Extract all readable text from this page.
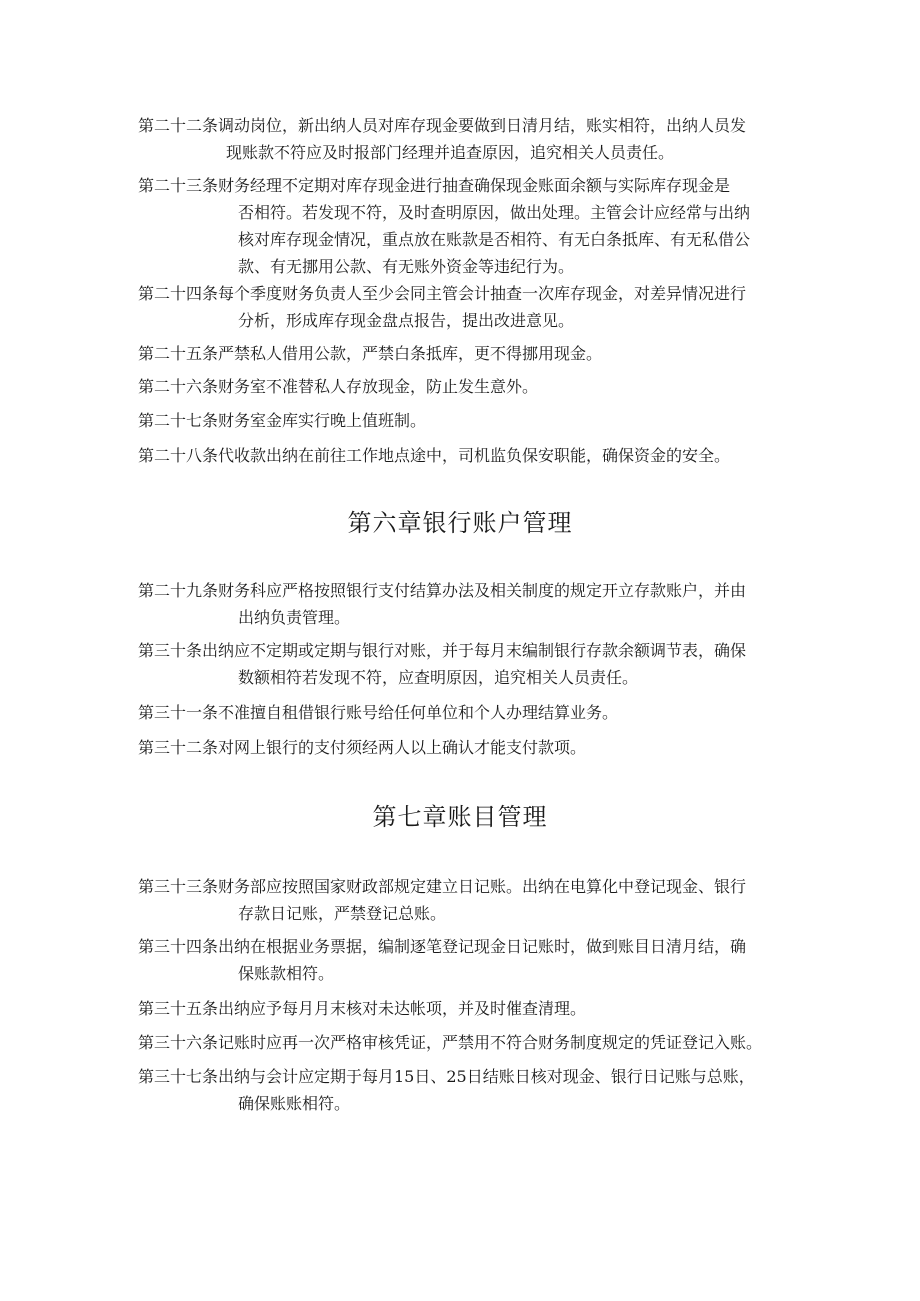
第二十二条调动岗位，新出纳人员对库存现金要做到日清月结，账实相符，出纳人员发
现账款不符应及时报部门经理并追查原因，追究相关人员责任。

第二十三条财务经理不定期对库存现金进行抽查确保现金账面余额与实际库存现金是
否相符。若发现不符，及时查明原因，做出处理。主管会计应经常与出纳
核对库存现金情况，重点放在账款是否相符、有无白条抵库、有无私借公
款、有无挪用公款、有无账外资金等违纪行为。

第二十四条每个季度财务负责人至少会同主管会计抽查一次库存现金，对差异情况进行
分析，形成库存现金盘点报告，提出改进意见。

第二十五条严禁私人借用公款，严禁白条抵库，更不得挪用现金。

第二十六条财务室不准替私人存放现金，防止发生意外。

第二十七条财务室金库实行晚上值班制。

第二十八条代收款出纳在前往工作地点途中，司机监负保安职能，确保资金的安全。

第六章银行账户管理

第二十九条财务科应严格按照银行支付结算办法及相关制度的规定开立存款账户，并由
出纳负责管理。

第三十条出纳应不定期或定期与银行对账，并于每月末编制银行存款余额调节表，确保
数额相符若发现不符，应查明原因，追究相关人员责任。

第三十一条不准擅自租借银行账号给任何单位和个人办理结算业务。

第三十二条对网上银行的支付须经两人以上确认才能支付款项。

第七章账目管理

第三十三条财务部应按照国家财政部规定建立日记账。出纳在电算化中登记现金、银行
存款日记账，严禁登记总账。

第三十四条出纳在根据业务票据，编制逐笔登记现金日记账时，做到账目日清月结，确
保账款相符。

第三十五条出纳应予每月月末核对未达帐项，并及时催查清理。

第三十六条记账时应再一次严格审核凭证，严禁用不符合财务制度规定的凭证登记入账。

第三十七条出纳与会计应定期于每月15日、25日结账日核对现金、银行日记账与总账，
确保账账相符。
